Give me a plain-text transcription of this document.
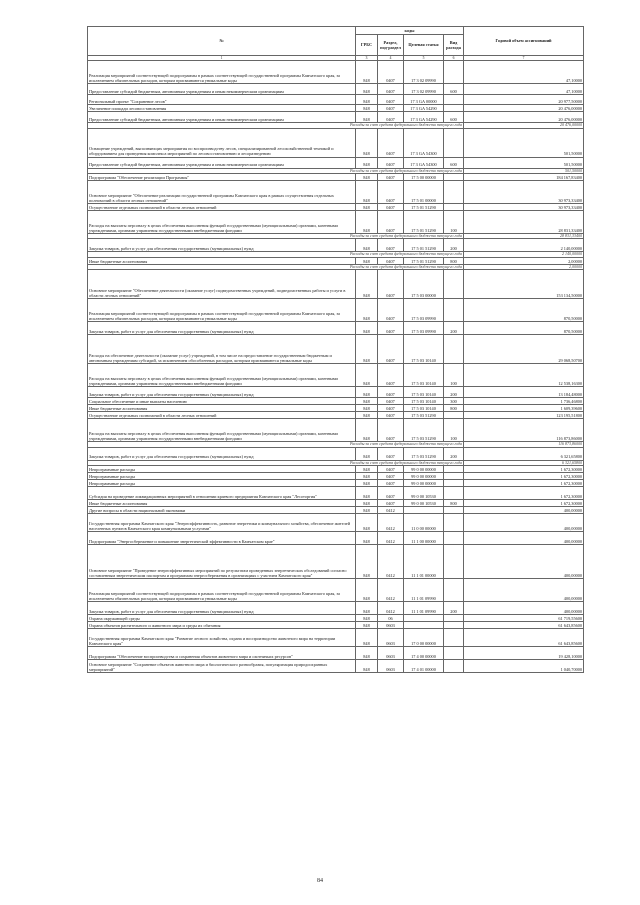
№	коды				Годовой объем ассигнований
	ГРБС	Раздел, под-раздел	Целевая статья	Вид расхода	
1	3	4	5	6	7
Реализация мероприятий соответствующей подпрограммы в рамках соответствующей государственной программы Камчатского края, за исключением обязательных расходов, которым присваиваются уникальные коды	848	0407	17 3 02 09990		47,10000
Предоставление субсидий бюджетным, автономным учреждениям и иным некоммерческим организациям	848	0407	17 3 02 09990	600	47,10000
Региональный проект "Сохранение лесов"	848	0407	17 3 GA 00000		20 977,50000
Увеличение площади лесовосстановления	848	0407	17 3 GA 54290		20 476,00000
Предоставление субсидий бюджетным, автономным учреждениям и иным некоммерческим организациям	848	0407	17 3 GA 54290	600	20 476,00000
Расходы за счет средств федерального бюджета текущего года					20 476,00000
Оснащение учреждений, выполняющих мероприятия по воспроизводству лесов, специализированной лесохозяйственной техникой и оборудованием для проведения комплекса мероприятий по лесовосстановлению и лесоразведению	848	0407	17 3 GA 54300		501,50000
Предоставление субсидий бюджетным, автономным учреждениям и иным некоммерческим организациям	848	0407	17 3 GA 54300	600	501,50000
Расходы за счет средств федерального бюджета текущего года					501,50000
Подпрограмма "Обеспечение реализации Программы"	848	0407	17 5 00 00000		184 167,83400
Основное мероприятие "Обеспечение реализации государственной программы Камчатского края в рамках осуществления отдельных полномочий в области лесных отношений"	848	0407	17 5 01 00000		30 973,33400
Осуществление отдельных полномочий в области лесных отношений	848	0407	17 5 01 51290		30 973,33400
Расходы на выплаты персоналу в целях обеспечения выполнения функций государственными (муниципальными) органами, казенными учреждениями, органами управления государственными внебюджетными фондами	848	0407	17 5 01 51290	100	28 831,33400
Расходы за счет средств федерального бюджета текущего года					28 831,33400
Закупка товаров, работ и услуг для обеспечения государственных (муниципальных) нужд	848	0407	17 5 01 51290	200	2 140,00000
Расходы за счет средств федерального бюджета текущего года					2 140,00000
Иные бюджетные ассигнования	848	0407	17 5 01 51290	800	2,00000
Расходы за счет средств федерального бюджета текущего года					2,00000
Основное мероприятие "Обеспечение деятельности (оказание услуг) подведомственных учреждений, подведомственных работы и услуги в области лесных отношений"	848	0407	17 5 03 00000		153 134,50000
Реализация мероприятий соответствующей подпрограммы в рамках соответствующей государственной программы Камчатского края, за исключением обязательных расходов, которым присваиваются уникальные коды	848	0407	17 5 03 09990		870,50000
Закупка товаров, работ и услуг для обеспечения государственных (муниципальных) нужд	848	0407	17 5 03 09990	200	870,50000
Расходы на обеспечение деятельности (оказание услуг) учреждений, в том числе на предоставление государственным бюджетным и автономным учреждениям субсидий, за исключением обособленных расходов, которым присваиваются уникальные коды	848	0407	17 5 03 10140		29 068,50700
Расходы на выплаты персоналу в целях обеспечения выполнения функций государственными (муниципальными) органами, казенными учреждениями, органами управления государственными внебюджетными фондами	848	0407	17 5 03 10140	100	12 538,16300
Закупка товаров, работ и услуг для обеспечения государственных (муниципальных) нужд	848	0407	17 5 03 10140	200	13 184,48000
Социальное обеспечение и иные выплаты населению	848	0407	17 5 03 10140	300	1 736,46800
Иные бюджетные ассигнования	848	0407	17 5 03 10140	800	1 609,39600
Осуществление отдельных полномочий в области лесных отношений	848	0407	17 5 03 51290		123 195,51800
Расходы на выплаты персоналу в целях обеспечения выполнения функций государственными (муниципальными) органами, казенными учреждениями, органами управления государственными внебюджетными фондами	848	0407	17 5 03 51290	100	116 873,86000
Расходы за счет средств федерального бюджета текущего года					116 873,86000
Закупка товаров, работ и услуг для обеспечения государственных (муниципальных) нужд	848	0407	17 5 03 51290	200	6 321,65800
Расходы за счет средств федерального бюджета текущего года					6 321,65800
Непрограммные расходы	848	0407	99 0 00 00000		1 672,30000
Непрограммные расходы	848	0407	99 0 00 00000		1 672,30000
Непрограммные расходы	848	0407	99 0 00 00000		1 672,30000
Субсидия на проведение ликвидационных мероприятий в отношении краевого предприятия Камчатского края "Лесоторгия"	848	0407	99 0 00 10530		1 672,30000
Иные бюджетные ассигнования	848	0407	99 0 00 10530	800	1 672,30000
Другие вопросы в области национальной экономики	848	0412			400,00000
Государственная программа Камчатского края "Энергоэффективность, развитие энергетики и коммунального хозяйства, обеспечение жителей населенных пунктов Камчатского края коммунальными услугами"	848	0412	11 0 00 00000		400,00000
Подпрограмма "Энергосбережение и повышение энергетической эффективности в Камчатском крае"	848	0412	11 1 00 00000		400,00000
Основное мероприятие "Проведение энергоэффективных мероприятий по результатам проведенных энергетических обследований согласно составленным энергетическим паспортам и программам энергосбережения в организациях с участием Камчатского края"	848	0412	11 1 01 00000		400,00000
Реализация мероприятий соответствующей подпрограммы в рамках соответствующей государственной программы Камчатского края, за исключением обязательных расходов, которым присваиваются уникальные коды	848	0412	11 1 01 09990		400,00000
Закупка товаров, работ и услуг для обеспечения государственных (муниципальных) нужд	848	0412	11 1 01 09990	200	400,00000
Охрана окружающей среды	848	06			61 719,55600
Охрана объектов растительного и животного мира и среды их обитания	848	0603			61 643,85600
Государственная программа Камчатского края "Развитие лесного хозяйства, охрана и воспроизводство животного мира на территории Камчатского края"	848	0603	17 0 00 00000		61 643,85600
Подпрограмма "Обеспечение воспроизводства и сохранения объектов животного мира и охотничьих ресурсов"	848	0603	17 4 00 00000		19 428,10000
Основное мероприятие "Сохранение объектов животного мира и биологического разнообразия, популяризация природоохранных мероприятий"	848	0603	17 4 01 00000		1 040,70000
84
